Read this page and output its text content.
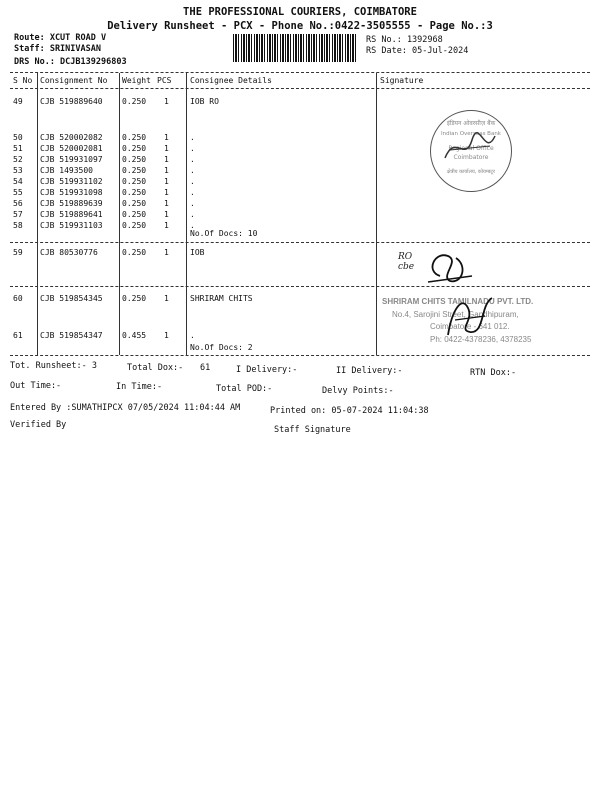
THE PROFESSIONAL COURIERS, COIMBATORE
Delivery Runsheet - PCX - Phone No.:0422-3505555 - Page No.:3
Route: XCUT ROAD V
Staff: SRINIVASAN
DRS No.: DCJB139296803
RS No.: 1392968
RS Date: 05-Jul-2024
S No Consignment No Weight PCS Consignee Details	Signature
49 CJB 519889640 0.250 1	IOB RO
50 CJB 520002082 0.250 1	.
51 CJB 520002081 0.250 1	.
52 CJB 519931097 0.250 1	.
53 CJB 1493500	0.250 1	.
54 CJB 519931102 0.250 1	.
55 CJB 519931098 0.250 1	.
56 CJB 519889639 0.250 1	.
57 CJB 519889641 0.250 1	.
58 CJB 519931103 0.250 1	.
No.Of Docs: 10
59 CJB 80530776	0.250 1	IOB
60 CJB 519854345 0.250 1	SHRIRAM CHITS
61 CJB 519854347 0.455 1	.
No.Of Docs: 2
इंडियन ओवरसीज़ बैंक
Indian Overseas Bank
Regional Office
Coimbatore
क्षेत्रीय कार्यालय, कोयम्बटूर
RO cbe
SHRIRAM CHITS TAMILNADU PVT. LTD.
No.4, Sarojini Street, Gandhipuram,
Coimbatore - 641 012.
Ph: 0422-4378236, 4378235
Tot. Runsheet:- 3	Total Dox:- 61	I Delivery:-	II Delivery:-	RTN Dox:-
Out Time:-	In Time:-	Total POD:-	Delvy Points:-
Entered By :SUMATHIPCX 07/05/2024 11:04:44 AM	Printed on: 05-07-2024 11:04:38
Verified By	Staff Signature
